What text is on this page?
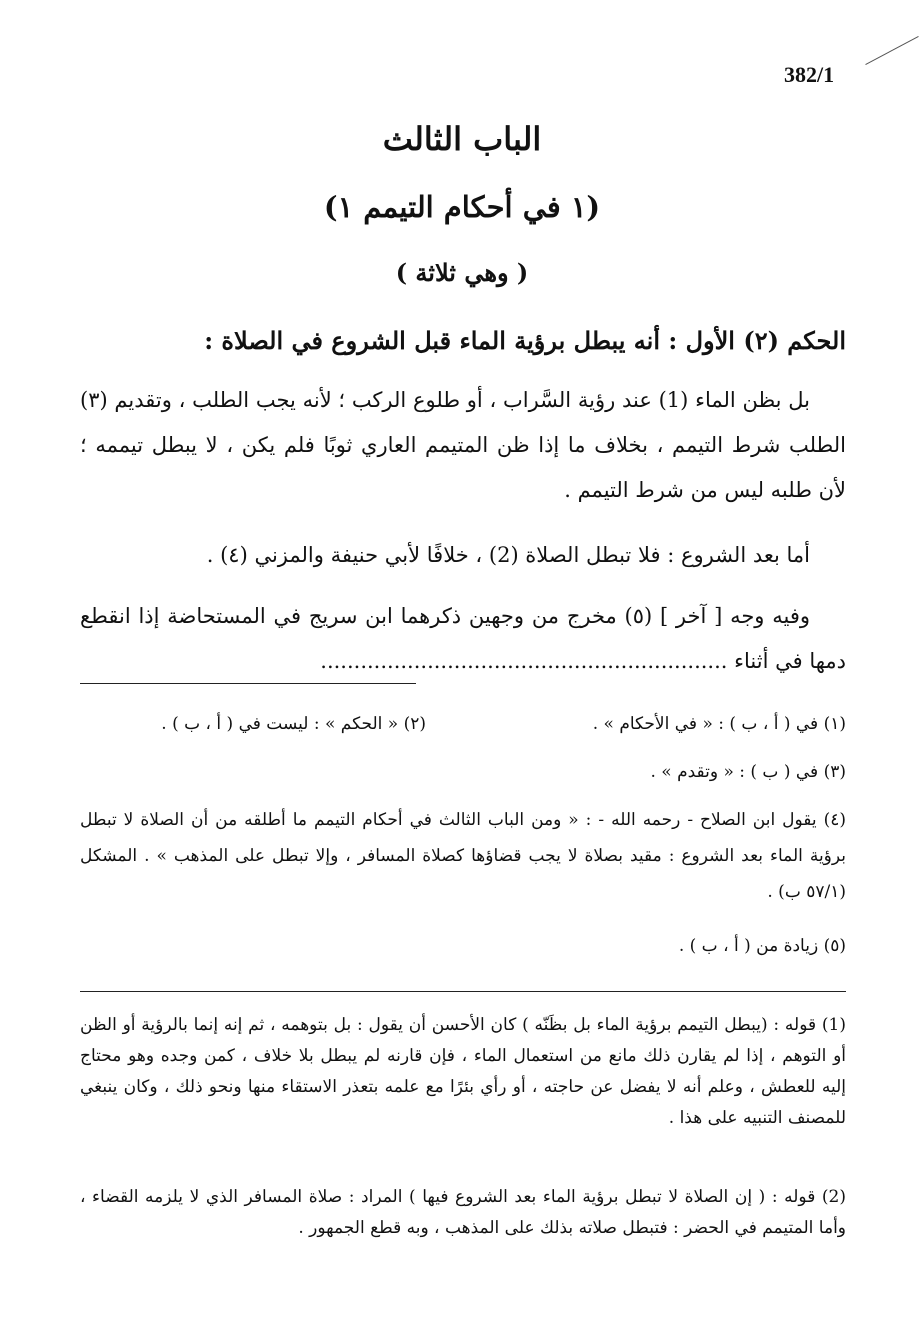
382/1
الباب الثالث
(١ في أحكام التيمم ١)
( وهي ثلاثة )
الحكم (٢) الأول : أنه يبطل برؤية الماء قبل الشروع في الصلاة :
بل بظن الماء (1) عند رؤية السَّراب ، أو طلوع الركب ؛ لأنه يجب الطلب ، وتقديم (٣) الطلب شرط التيمم ، بخلاف ما إذا ظن المتيمم العاري ثوبًا فلم يكن ، لا يبطل تيممه ؛ لأن طلبه ليس من شرط التيمم .
أما بعد الشروع : فلا تبطل الصلاة (2) ، خلافًا لأبي حنيفة والمزني (٤) .
وفيه وجه [ آخر ] (٥) مخرج من وجهين ذكرهما ابن سريج في المستحاضة إذا انقطع دمها في أثناء .............................................................
(١) في ( أ ، ب ) : « في الأحكام » .
(٢) « الحكم » : ليست في ( أ ، ب ) .
(٣) في ( ب ) : « وتقدم » .
(٤) يقول ابن الصلاح - رحمه الله - : « ومن الباب الثالث في أحكام التيمم ما أطلقه من أن الصلاة لا تبطل برؤية الماء بعد الشروع : مقيد بصلاة لا يجب قضاؤها كصلاة المسافر ، وإلا تبطل على المذهب » . المشكل (٥٧/١ ب) .
(٥) زيادة من ( أ ، ب ) .
(1) قوله : (يبطل التيمم برؤية الماء بل بظَنّه ) كان الأحسن أن يقول : بل بتوهمه ، ثم إنه إنما بالرؤية أو الظن أو التوهم ، إذا لم يقارن ذلك مانع من استعمال الماء ، فإن قارنه لم يبطل بلا خلاف ، كمن وجده وهو محتاج إليه للعطش ، وعلم أنه لا يفضل عن حاجته ، أو رأي بئرًا مع علمه بتعذر الاستقاء منها ونحو ذلك ، وكان ينبغي للمصنف التنبيه على هذا .
(2) قوله : ( إن الصلاة لا تبطل برؤية الماء بعد الشروع فيها ) المراد : صلاة المسافر الذي لا يلزمه القضاء ، وأما المتيمم في الحضر : فتبطل صلاته بذلك على المذهب ، وبه قطع الجمهور .
